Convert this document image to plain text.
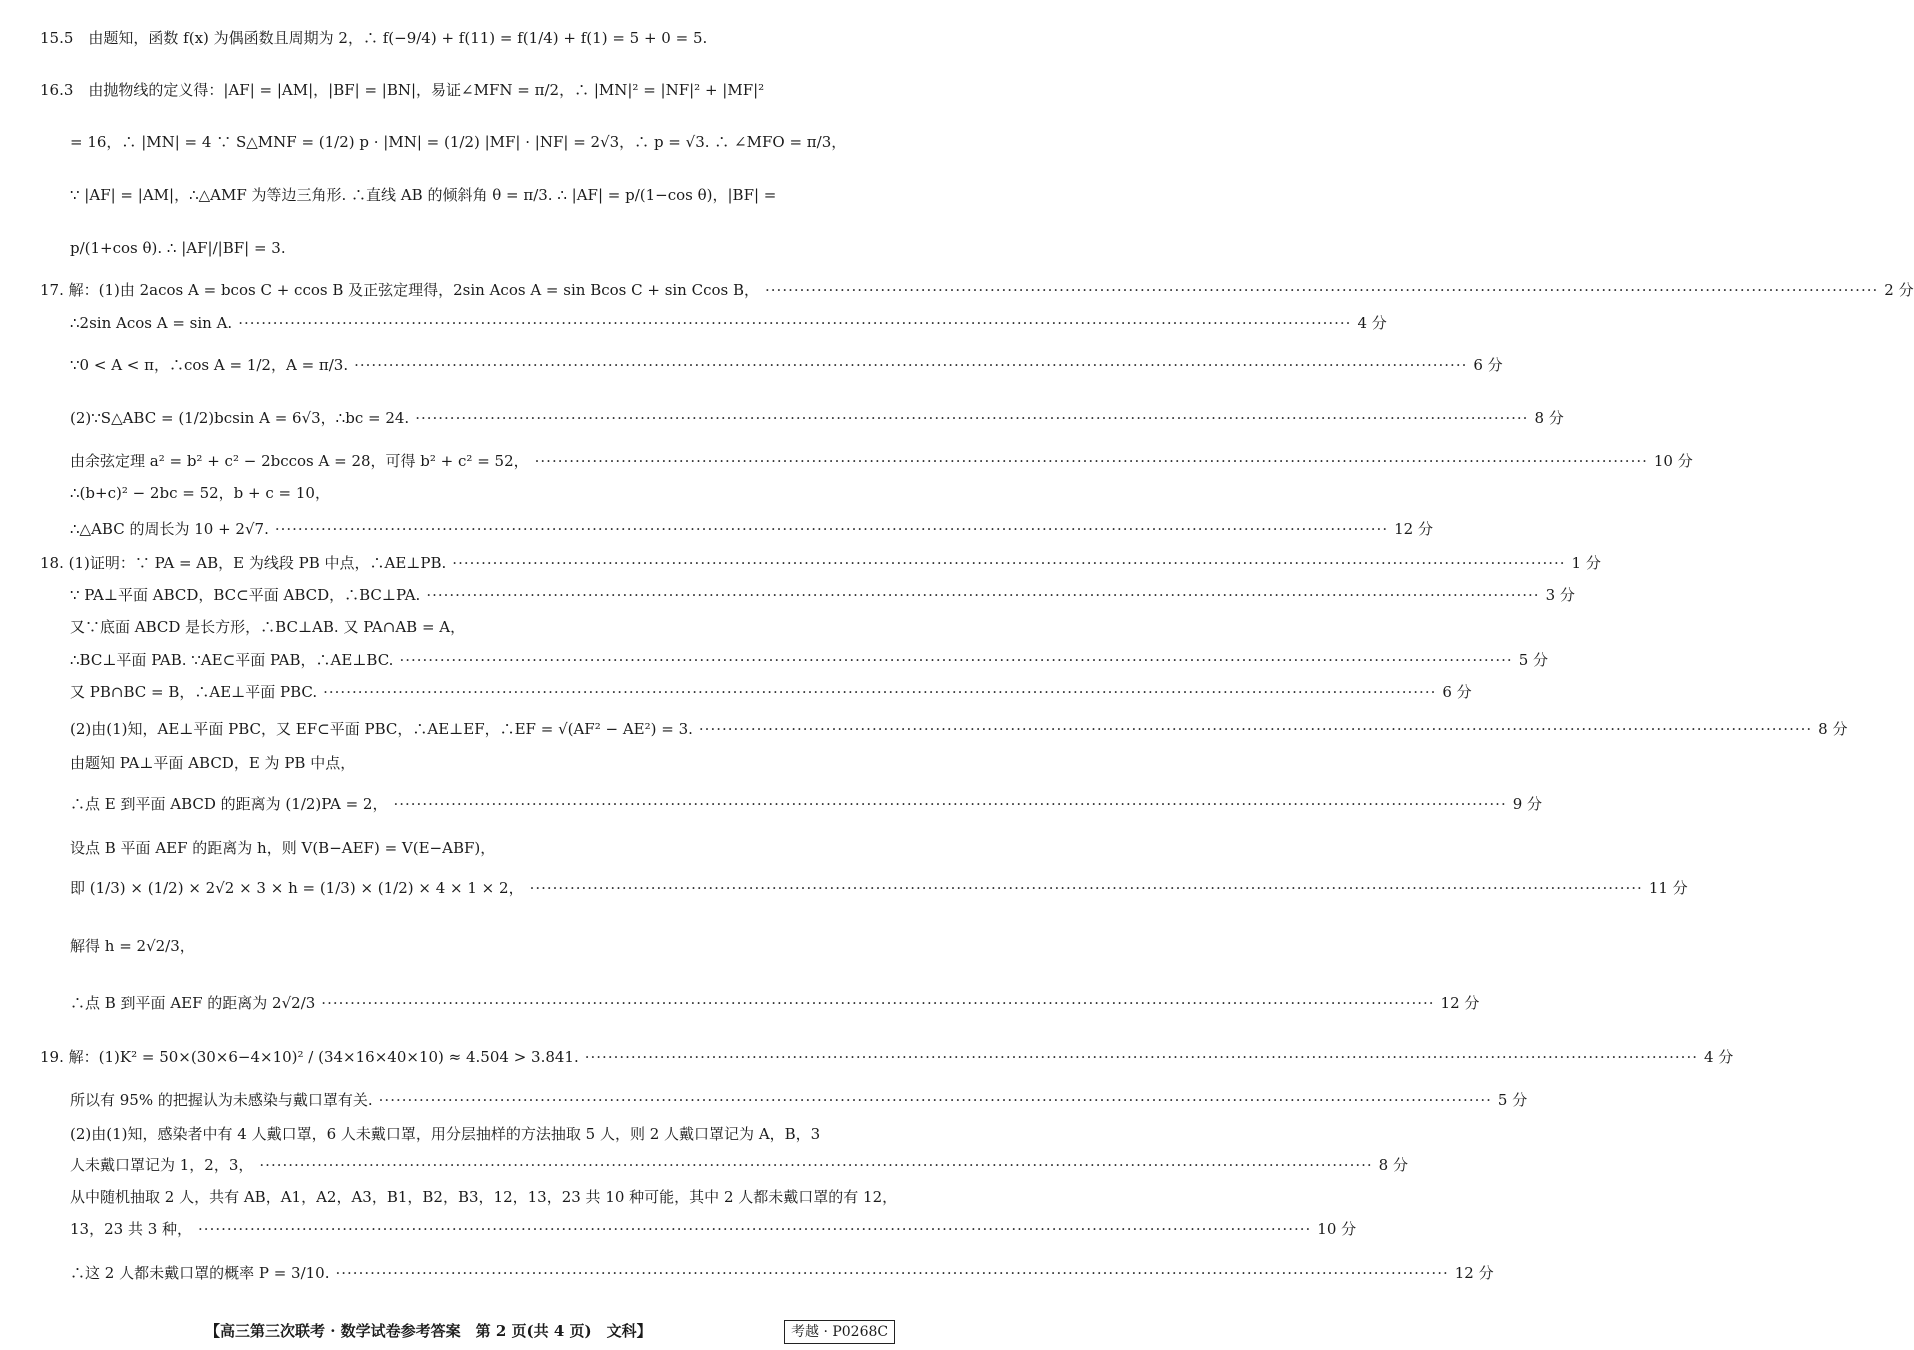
15.5　由题知，函数 f(x) 为偶函数且周期为 2，∴ f(−9/4) + f(11) = f(1/4) + f(1) = 5 + 0 = 5.
16.3　由抛物线的定义得：|AF| = |AM|，|BF| = |BN|，易证∠MFN = π/2，∴ |MN|² = |NF|² + |MF|²
= 16，∴ |MN| = 4 ∵ S△MNF = (1/2) p · |MN| = (1/2) |MF| · |NF| = 2√3，∴ p = √3. ∴ ∠MFO = π/3，
∵ |AF| = |AM|，∴△AMF 为等边三角形. ∴直线 AB 的倾斜角 θ = π/3. ∴ |AF| = p/(1−cos θ)，|BF| =
p/(1+cos θ). ∴ |AF|/|BF| = 3.
17. 解：(1)由 2acos A = bcos C + ccos B 及正弦定理得，2sin Acos A = sin Bcos C + sin Ccos B， ·····	2 分
∴2sin Acos A = sin A. ·····	4 分
∵0 < A < π，∴cos A = 1/2，A = π/3. ·····	6 分
(2)∵S△ABC = (1/2)bcsin A = 6√3，∴bc = 24. ·····	8 分
由余弦定理 a² = b² + c² − 2bccos A = 28，可得 b² + c² = 52， ·····	10 分
∴(b+c)² − 2bc = 52，b + c = 10，
∴△ABC 的周长为 10 + 2√7. ·····	12 分
18. (1)证明：∵ PA = AB，E 为线段 PB 中点，∴AE⊥PB. ·····	1 分
∵ PA⊥平面 ABCD，BC⊂平面 ABCD，∴BC⊥PA. ·····	3 分
又∵底面 ABCD 是长方形，∴BC⊥AB. 又 PA∩AB = A，
∴BC⊥平面 PAB. ∵AE⊂平面 PAB，∴AE⊥BC. ·····	5 分
又 PB∩BC = B，∴AE⊥平面 PBC. ·····	6 分
(2)由(1)知，AE⊥平面 PBC，又 EF⊂平面 PBC，∴AE⊥EF，∴EF = √(AF² − AE²) = 3. ·····	8 分
由题知 PA⊥平面 ABCD，E 为 PB 中点，
∴点 E 到平面 ABCD 的距离为 (1/2)PA = 2， ·····	9 分
设点 B 平面 AEF 的距离为 h，则 V(B−AEF) = V(E−ABF)，
即 (1/3) × (1/2) × 2√2 × 3 × h = (1/3) × (1/2) × 4 × 1 × 2， ·····	11 分
解得 h = 2√2/3，
∴点 B 到平面 AEF 的距离为 2√2/3 ·····	12 分
19. 解：(1)K² = 50×(30×6−4×10)² / (34×16×40×10) ≈ 4.504 > 3.841. ·····	4 分
所以有 95% 的把握认为未感染与戴口罩有关. ·····	5 分
(2)由(1)知，感染者中有 4 人戴口罩，6 人未戴口罩，用分层抽样的方法抽取 5 人，则 2 人戴口罩记为 A，B，3
人未戴口罩记为 1，2，3， ·····	8 分
从中随机抽取 2 人，共有 AB，A1，A2，A3，B1，B2，B3，12，13，23 共 10 种可能，其中 2 人都未戴口罩的有 12，
13，23 共 3 种， ·····	10 分
∴这 2 人都未戴口罩的概率 P = 3/10. ·····	12 分
【高三第三次联考 · 数学试卷参考答案　第 2 页(共 4 页)　文科】	考越 · P0268C
